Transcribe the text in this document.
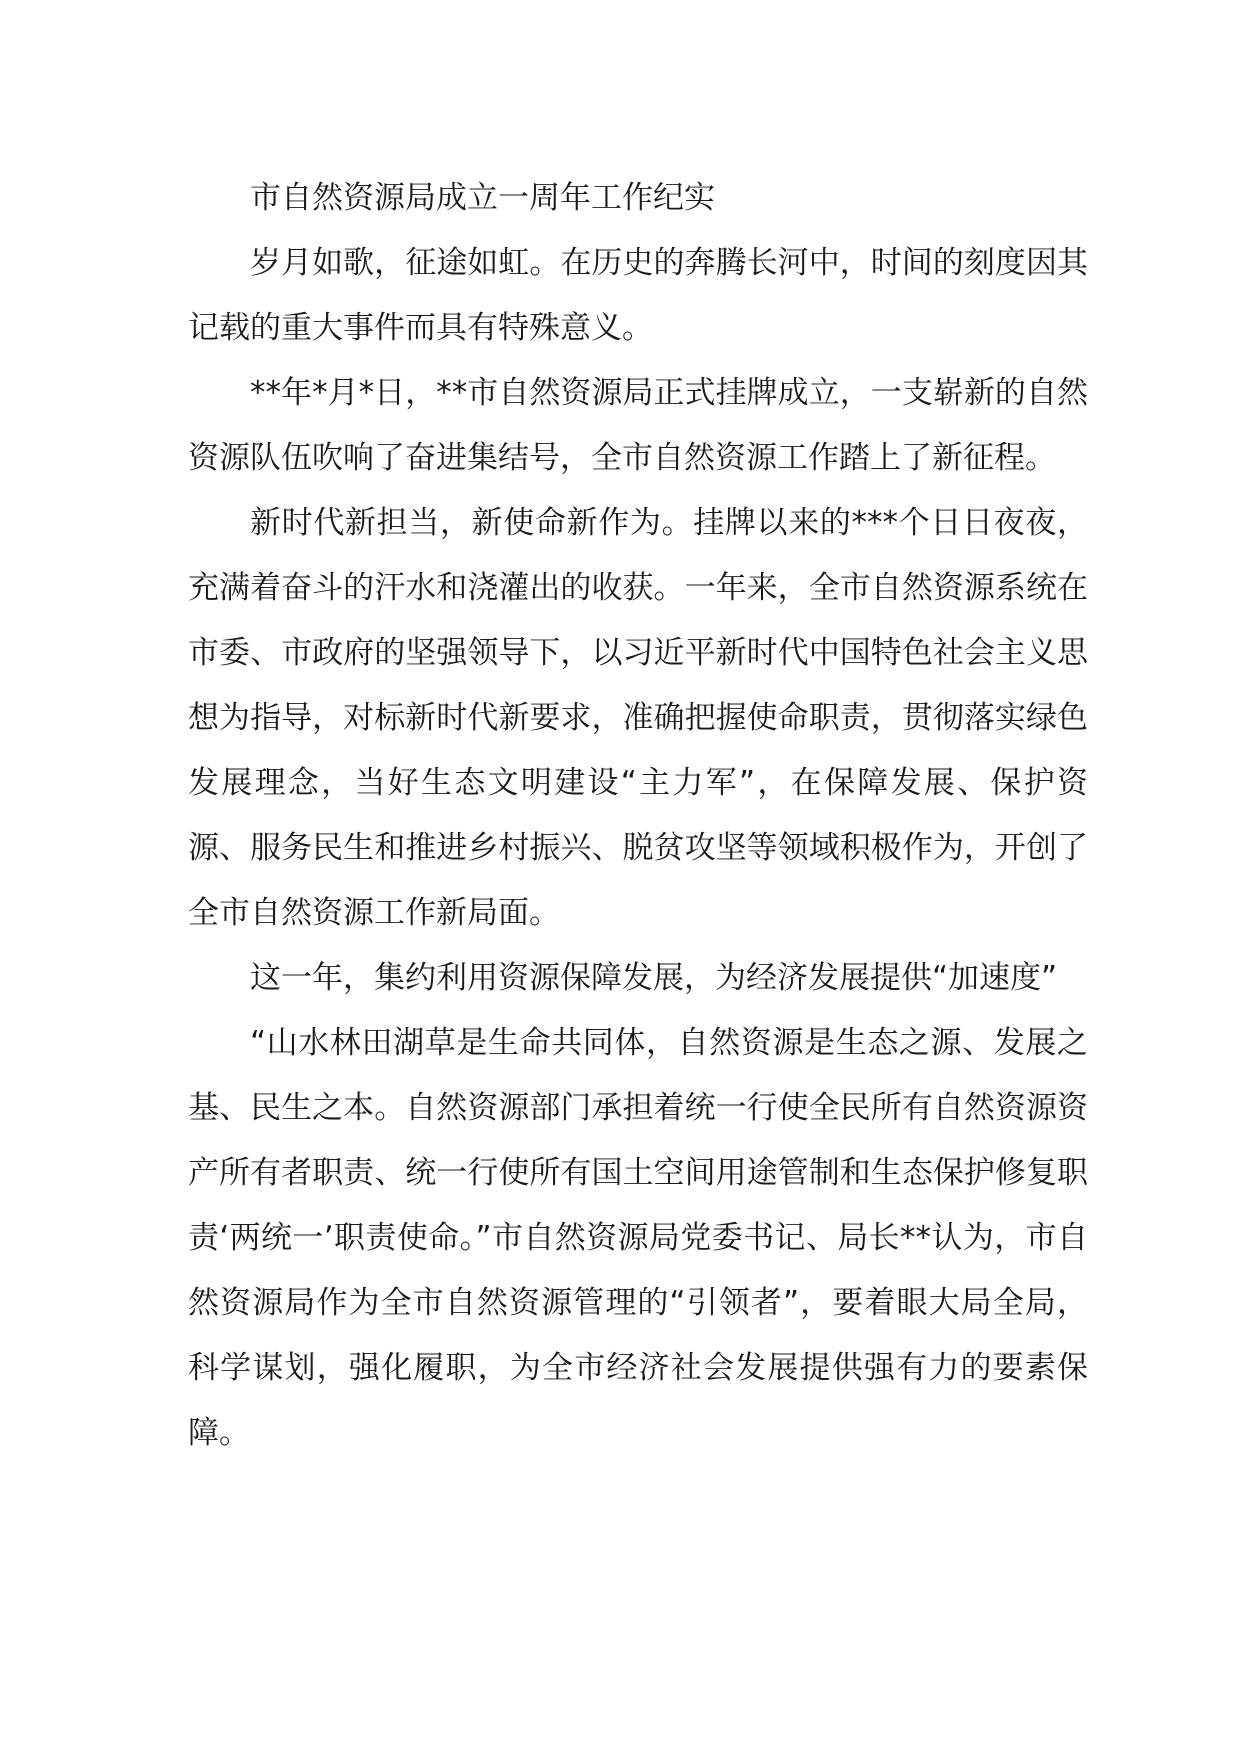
市自然资源局成立一周年工作纪实

岁月如歌，征途如虹。在历史的奔腾长河中，时间的刻度因其记载的重大事件而具有特殊意义。

**年*月*日，**市自然资源局正式挂牌成立，一支崭新的自然资源队伍吹响了奋进集结号，全市自然资源工作踏上了新征程。

新时代新担当，新使命新作为。挂牌以来的***个日日夜夜，充满着奋斗的汗水和浇灌出的收获。一年来，全市自然资源系统在市委、市政府的坚强领导下，以习近平新时代中国特色社会主义思想为指导，对标新时代新要求，准确把握使命职责，贯彻落实绿色发展理念，当好生态文明建设“主力军”，在保障发展、保护资源、服务民生和推进乡村振兴、脱贫攻坚等领域积极作为，开创了全市自然资源工作新局面。

这一年，集约利用资源保障发展，为经济发展提供“加速度”

“山水林田湖草是生命共同体，自然资源是生态之源、发展之基、民生之本。自然资源部门承担着统一行使全民所有自然资源资产所有者职责、统一行使所有国土空间用途管制和生态保护修复职责‘两统一’职责使命。”市自然资源局党委书记、局长**认为，市自然资源局作为全市自然资源管理的“引领者”，要着眼大局全局，科学谋划，强化履职，为全市经济社会发展提供强有力的要素保障。
